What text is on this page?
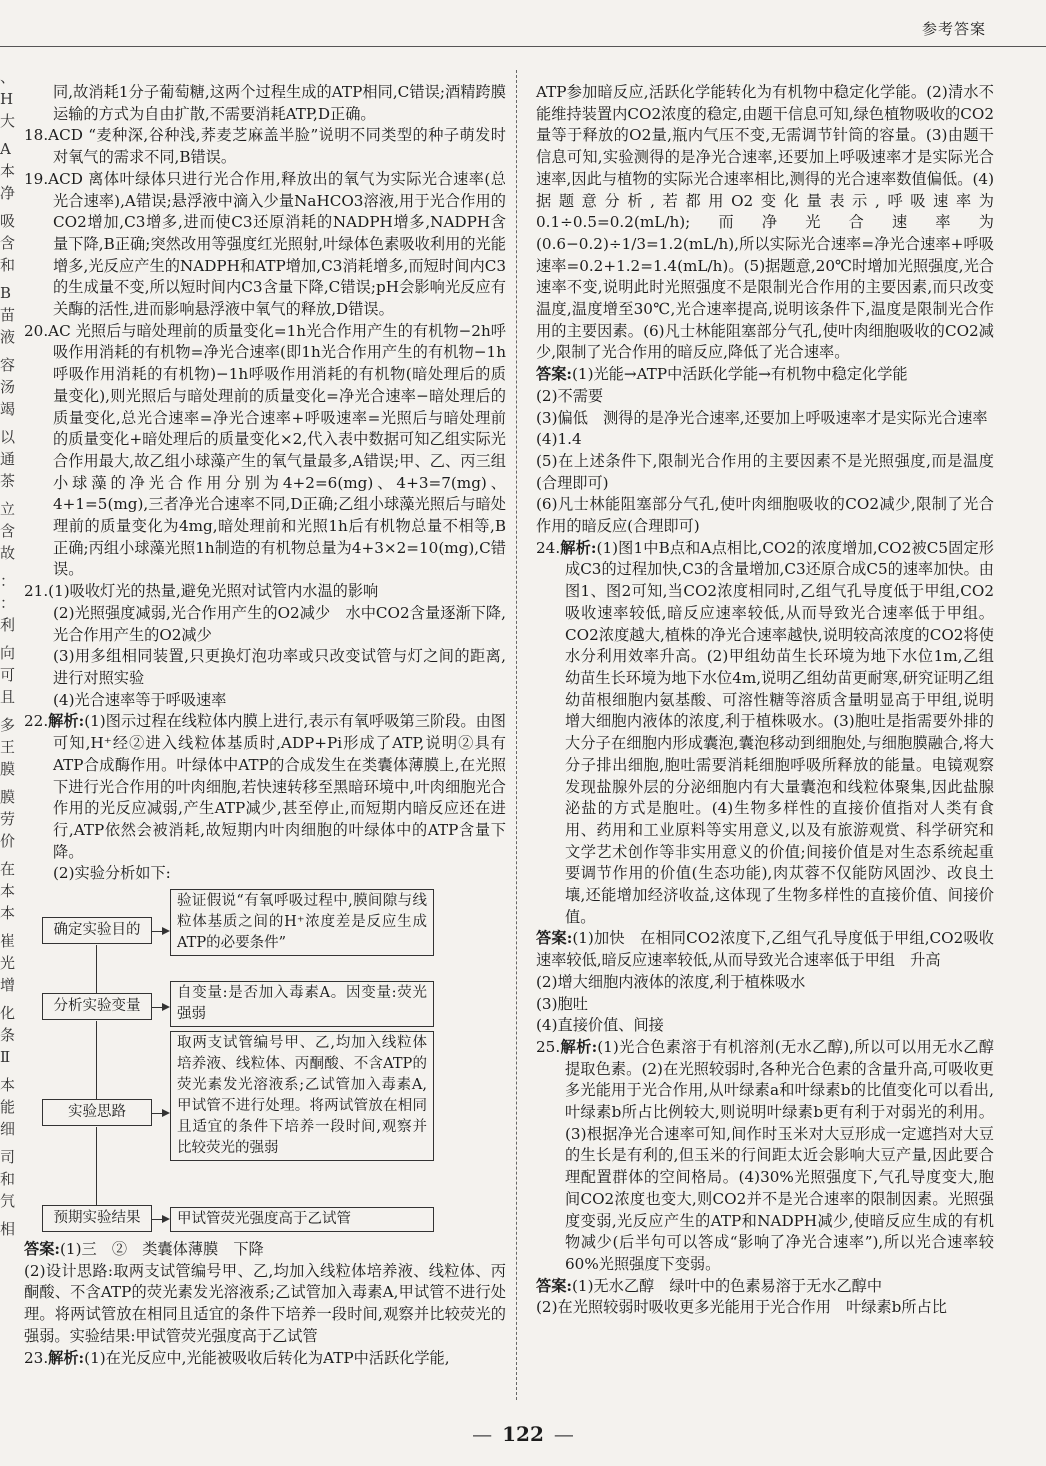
参考答案
、
H
大
A
本
净
吸
含
和
B
苗
液
容
汤
竭
以
通
茶
立
含
故
：
：
利
向
可
且
多
王
膜
膜
劳
价
在
本
本
崔
光
增
化
条
Ⅱ
本
能
细
司
和
氕
相

同,故消耗1分子葡萄糖,这两个过程生成的ATP相同,C错误;酒精跨膜运输的方式为自由扩散,不需要消耗ATP,D正确。

18.ACD “麦种深,谷种浅,荞麦芝麻盖半脸”说明不同类型的种子萌发时对氧气的需求不同,B错误。

19.ACD 离体叶绿体只进行光合作用,释放出的氧气为实际光合速率(总光合速率),A错误;悬浮液中滴入少量NaHCO3溶液,用于光合作用的CO2增加,C3增多,进而使C3还原消耗的NADPH增多,NADPH含量下降,B正确;突然改用等强度红光照射,叶绿体色素吸收利用的光能增多,光反应产生的NADPH和ATP增加,C3消耗增多,而短时间内C3的生成量不变,所以短时间内C3含量下降,C错误;pH会影响光反应有关酶的活性,进而影响悬浮液中氧气的释放,D错误。

20.AC 光照后与暗处理前的质量变化=1h光合作用产生的有机物−2h呼吸作用消耗的有机物=净光合速率(即1h光合作用产生的有机物−1h呼吸作用消耗的有机物)−1h呼吸作用消耗的有机物(暗处理后的质量变化),则光照后与暗处理前的质量变化=净光合速率−暗处理后的质量变化,总光合速率=净光合速率+呼吸速率=光照后与暗处理前的质量变化+暗处理后的质量变化×2,代入表中数据可知乙组实际光合作用最大,故乙组小球藻产生的氧气量最多,A错误;甲、乙、丙三组小球藻的净光合作用分别为4+2=6(mg)、4+3=7(mg)、4+1=5(mg),三者净光合速率不同,D正确;乙组小球藻光照后与暗处理前的质量变化为4mg,暗处理前和光照1h后有机物总量不相等,B正确;丙组小球藻光照1h制造的有机物总量为4+3×2=10(mg),C错误。

21.(1)吸收灯光的热量,避免光照对试管内水温的影响

(2)光照强度减弱,光合作用产生的O2减少　水中CO2含量逐渐下降,光合作用产生的O2减少

(3)用多组相同装置,只更换灯泡功率或只改变试管与灯之间的距离,进行对照实验

(4)光合速率等于呼吸速率

22.解析:(1)图示过程在线粒体内膜上进行,表示有氧呼吸第三阶段。由图可知,H⁺经②进入线粒体基质时,ADP+Pi形成了ATP,说明②具有ATP合成酶作用。叶绿体中ATP的合成发生在类囊体薄膜上,在光照下进行光合作用的叶肉细胞,若快速转移至黑暗环境中,叶肉细胞光合作用的光反应减弱,产生ATP减少,甚至停止,而短期内暗反应还在进行,ATP依然会被消耗,故短期内叶肉细胞的叶绿体中的ATP含量下降。

(2)实验分析如下:

确定实验目的
验证假说“有氧呼吸过程中,膜间隙与线粒体基质之间的H⁺浓度差是反应生成ATP的必要条件”
分析实验变量
自变量:是否加入毒素A。因变量:荧光强弱
实验思路
取两支试管编号甲、乙,均加入线粒体培养液、线粒体、丙酮酸、不含ATP的荧光素发光溶液系;乙试管加入毒素A,甲试管不进行处理。将两试管放在相同且适宜的条件下培养一段时间,观察并比较荧光的强弱
预期实验结果	甲试管荧光强度高于乙试管

答案:(1)三　②　类囊体薄膜　下降

(2)设计思路:取两支试管编号甲、乙,均加入线粒体培养液、线粒体、丙酮酸、不含ATP的荧光素发光溶液系;乙试管加入毒素A,甲试管不进行处理。将两试管放在相同且适宜的条件下培养一段时间,观察并比较荧光的强弱。实验结果:甲试管荧光强度高于乙试管

23.解析:(1)在光反应中,光能被吸收后转化为ATP中活跃化学能,

ATP参加暗反应,活跃化学能转化为有机物中稳定化学能。(2)清水不能维持装置内CO2浓度的稳定,由题干信息可知,绿色植物吸收的CO2量等于释放的O2量,瓶内气压不变,无需调节针筒的容量。(3)由题干信息可知,实验测得的是净光合速率,还要加上呼吸速率才是实际光合速率,因此与植物的实际光合速率相比,测得的光合速率数值偏低。(4)据题意分析,若都用O2变化量表示,呼吸速率为0.1÷0.5=0.2(mL/h);而净光合速率为(0.6−0.2)÷1/3=1.2(mL/h),所以实际光合速率=净光合速率+呼吸速率=0.2+1.2=1.4(mL/h)。(5)据题意,20℃时增加光照强度,光合速率不变,说明此时光照强度不是限制光合作用的主要因素,而只改变温度,温度增至30℃,光合速率提高,说明该条件下,温度是限制光合作用的主要因素。(6)凡士林能阻塞部分气孔,使叶肉细胞吸收的CO2减少,限制了光合作用的暗反应,降低了光合速率。

答案:(1)光能→ATP中活跃化学能→有机物中稳定化学能

(2)不需要

(3)偏低　测得的是净光合速率,还要加上呼吸速率才是实际光合速率

(4)1.4

(5)在上述条件下,限制光合作用的主要因素不是光照强度,而是温度(合理即可)

(6)凡士林能阻塞部分气孔,使叶肉细胞吸收的CO2减少,限制了光合作用的暗反应(合理即可)

24.解析:(1)图1中B点和A点相比,CO2的浓度增加,CO2被C5固定形成C3的过程加快,C3的含量增加,C3还原合成C5的速率加快。由图1、图2可知,当CO2浓度相同时,乙组气孔导度低于甲组,CO2吸收速率较低,暗反应速率较低,从而导致光合速率低于甲组。CO2浓度越大,植株的净光合速率越快,说明较高浓度的CO2将使水分利用效率升高。(2)甲组幼苗生长环境为地下水位1m,乙组幼苗生长环境为地下水位4m,说明乙组幼苗更耐寒,研究证明乙组幼苗根细胞内氨基酸、可溶性糖等溶质含量明显高于甲组,说明增大细胞内液体的浓度,利于植株吸水。(3)胞吐是指需要外排的大分子在细胞内形成囊泡,囊泡移动到细胞处,与细胞膜融合,将大分子排出细胞,胞吐需要消耗细胞呼吸所释放的能量。电镜观察发现盐腺外层的分泌细胞内有大量囊泡和线粒体聚集,因此盐腺泌盐的方式是胞吐。(4)生物多样性的直接价值指对人类有食用、药用和工业原料等实用意义,以及有旅游观赏、科学研究和文学艺术创作等非实用意义的价值;间接价值是对生态系统起重要调节作用的价值(生态功能),肉苁蓉不仅能防风固沙、改良土壤,还能增加经济收益,这体现了生物多样性的直接价值、间接价值。

答案:(1)加快　在相同CO2浓度下,乙组气孔导度低于甲组,CO2吸收速率较低,暗反应速率较低,从而导致光合速率低于甲组　升高

(2)增大细胞内液体的浓度,利于植株吸水

(3)胞吐

(4)直接价值、间接

25.解析:(1)光合色素溶于有机溶剂(无水乙醇),所以可以用无水乙醇提取色素。(2)在光照较弱时,各种光合色素的含量升高,可吸收更多光能用于光合作用,从叶绿素a和叶绿素b的比值变化可以看出,叶绿素b所占比例较大,则说明叶绿素b更有利于对弱光的利用。(3)根据净光合速率可知,间作时玉米对大豆形成一定遮挡对大豆的生长是有利的,但玉米的行间距太近会影响大豆产量,因此要合理配置群体的空间格局。(4)30%光照强度下,气孔导度变大,胞间CO2浓度也变大,则CO2并不是光合速率的限制因素。光照强度变弱,光反应产生的ATP和NADPH减少,使暗反应生成的有机物减少(后半句可以答成“影响了净光合速率”),所以光合速率较60%光照强度下变弱。

答案:(1)无水乙醇　绿叶中的色素易溶于无水乙醇中

(2)在光照较弱时吸收更多光能用于光合作用　叶绿素b所占比

— 122 —
